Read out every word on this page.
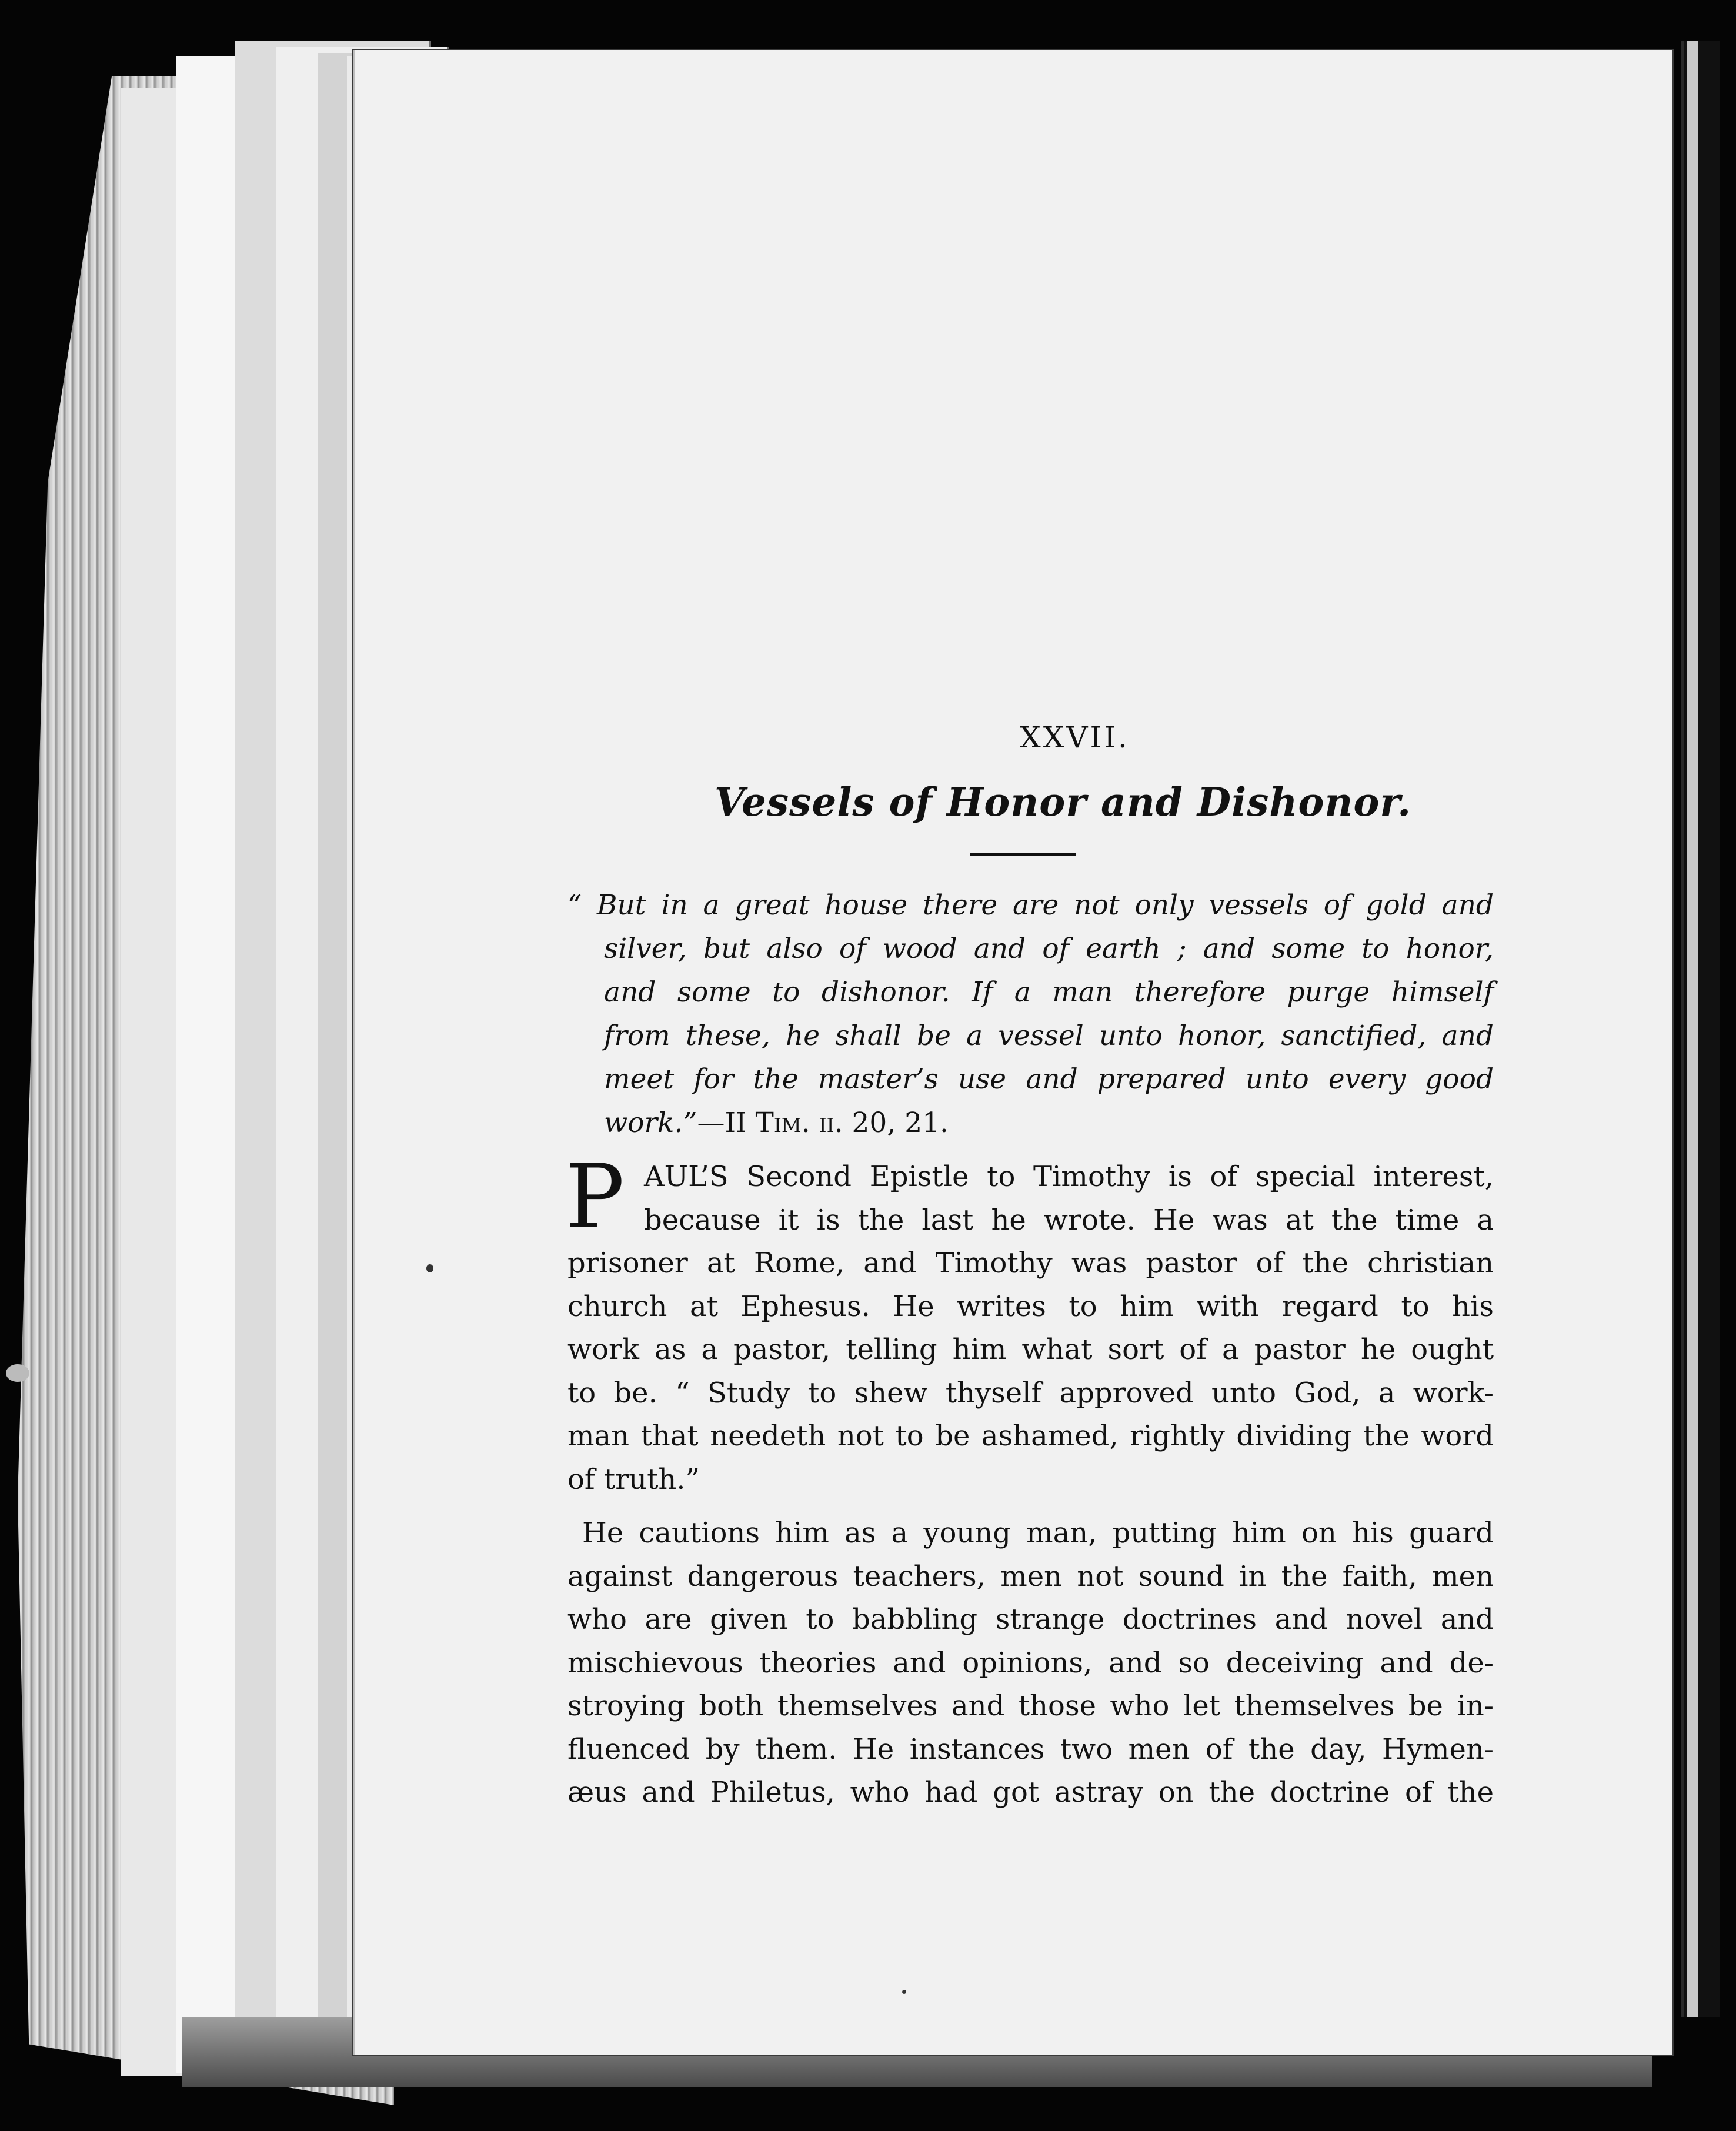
XXVII.
Vessels of Honor and Dishonor.
“ But in a great house there are not only vessels of gold and
silver, but also of wood and of earth ; and some to honor,
and some to dishonor. If a man therefore purge himself
from these, he shall be a vessel unto honor, sanctified, and
meet for the master’s use and prepared unto every good
work.”—II Tim. ii. 20, 21.
P AUL’S Second Epistle to Timothy is of special interest,
because it is the last he wrote. He was at the time a
prisoner at Rome, and Timothy was pastor of the christian
church at Ephesus. He writes to him with regard to his
work as a pastor, telling him what sort of a pastor he ought
to be. “ Study to shew thyself approved unto God, a work-
man that needeth not to be ashamed, rightly dividing the word
of truth.”
He cautions him as a young man, putting him on his guard
against dangerous teachers, men not sound in the faith, men
who are given to babbling strange doctrines and novel and
mischievous theories and opinions, and so deceiving and de-
stroying both themselves and those who let themselves be in-
fluenced by them. He instances two men of the day, Hymen-
æus and Philetus, who had got astray on the doctrine of the
